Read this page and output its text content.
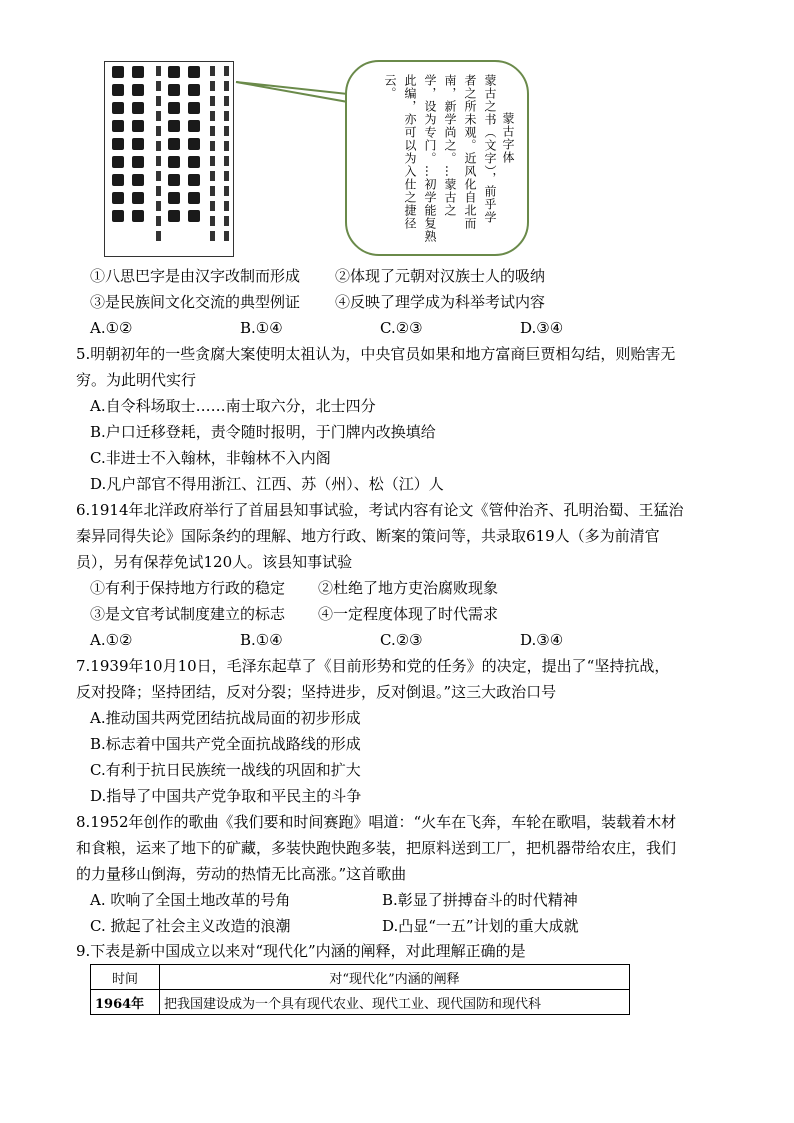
蒙古字体
蒙古之书（文字），前乎学
者之所未观。近风化自北而
南，新学尚之。…蒙古之
学，设为专门。…初学能复熟
此编，亦可以为入仕之捷径
云。
①八思巴字是由汉字改制而形成 ②体现了元朝对汉族士人的吸纳
③是民族间文化交流的典型例证 ④反映了理学成为科举考试内容
A.①②	B.①④	C.②③	D.③④
5.明朝初年的一些贪腐大案使明太祖认为，中央官员如果和地方富商巨贾相勾结，则贻害无
穷。为此明代实行
A.自令科场取士……南士取六分，北士四分
B.户口迁移登耗，责令随时报明，于门牌内改换填给
C.非进士不入翰林，非翰林不入内阁
D.凡户部官不得用浙江、江西、苏（州）、松（江）人
6.1914年北洋政府举行了首届县知事试验，考试内容有论文《管仲治齐、孔明治蜀、王猛治
秦异同得失论》国际条约的理解、地方行政、断案的策问等，共录取619人（多为前清官
员），另有保荐免试120人。该县知事试验
①有利于保持地方行政的稳定 ②杜绝了地方吏治腐败现象
③是文官考试制度建立的标志 ④一定程度体现了时代需求
A.①②	B.①④	C.②③	D.③④
7.1939年10月10日，毛泽东起草了《目前形势和党的任务》的决定，提出了“坚持抗战，
反对投降；坚持团结，反对分裂；坚持进步，反对倒退。”这三大政治口号
A.推动国共两党团结抗战局面的初步形成
B.标志着中国共产党全面抗战路线的形成
C.有利于抗日民族统一战线的巩固和扩大
D.指导了中国共产党争取和平民主的斗争
8.1952年创作的歌曲《我们要和时间赛跑》唱道：“火车在飞奔，车轮在歌唱，装载着木材
和食粮，运来了地下的矿藏，多装快跑快跑多装，把原料送到工厂，把机器带给农庄，我们
的力量移山倒海，劳动的热情无比高涨。”这首歌曲
A. 吹响了全国土地改革的号角	B.彰显了拼搏奋斗的时代精神
C. 掀起了社会主义改造的浪潮	D.凸显“一五”计划的重大成就
9.下表是新中国成立以来对“现代化”内涵的阐释，对此理解正确的是
时间	对“现代化”内涵的阐释
1964年	把我国建设成为一个具有现代农业、现代工业、现代国防和现代科
